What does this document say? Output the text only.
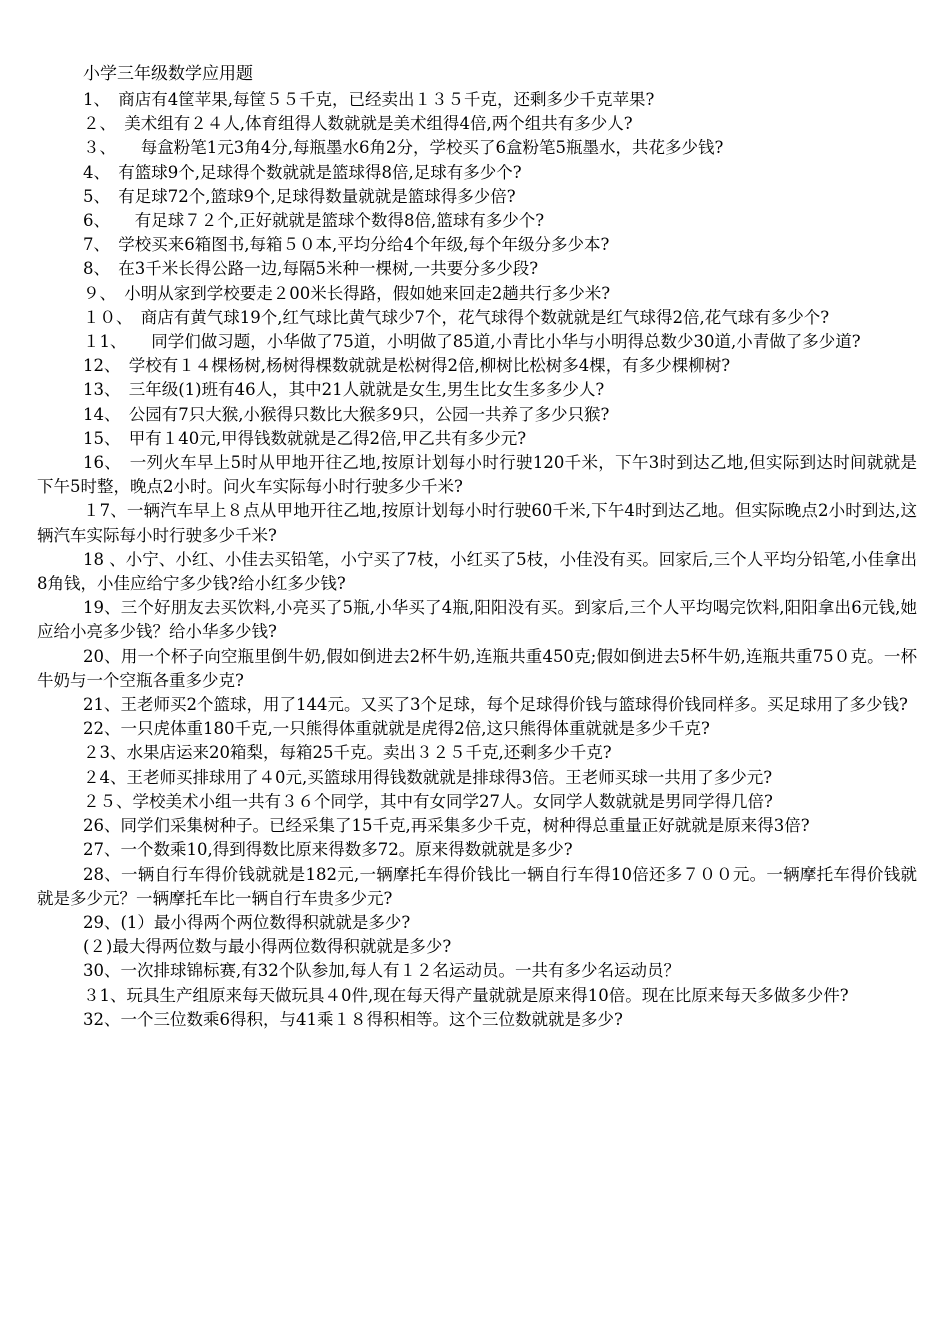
小学三年级数学应用题
1、　商店有4筐苹果,每筐５５千克，已经卖出１３５千克，还剩多少千克苹果?
２、　美术组有２４人,体育组得人数就就是美术组得4倍,两个组共有多少人?
３、　　每盒粉笔1元3角4分,每瓶墨水6角2分，学校买了6盒粉笔5瓶墨水，共花多少钱?
4、　有篮球9个,足球得个数就就是篮球得8倍,足球有多少个?
5、　有足球72个,篮球9个,足球得数量就就是篮球得多少倍?
6、　　有足球７２个,正好就就是篮球个数得8倍,篮球有多少个?
7、　学校买来6箱图书,每箱５０本,平均分给4个年级,每个年级分多少本?
8、　在3千米长得公路一边,每隔5米种一棵树,一共要分多少段?
９、　小明从家到学校要走２00米长得路，假如她来回走2趟共行多少米?
１０、　商店有黄气球19个,红气球比黄气球少7个，花气球得个数就就是红气球得2倍,花气球有多少个?
１1、　　同学们做习题，小华做了75道，小明做了85道,小青比小华与小明得总数少30道,小青做了多少道?
12、　学校有１４棵杨树,杨树得棵数就就是松树得2倍,柳树比松树多4棵，有多少棵柳树?
13、　三年级(1)班有46人，其中21人就就是女生,男生比女生多多少人?
14、　公园有7只大猴,小猴得只数比大猴多9只，公园一共养了多少只猴?
15、　甲有１40元,甲得钱数就就是乙得2倍,甲乙共有多少元?
16、　一列火车早上5时从甲地开往乙地,按原计划每小时行驶120千米，下午3时到达乙地,但实际到达时间就就是下午5时整，晚点2小时。问火车实际每小时行驶多少千米?
１7、一辆汽车早上８点从甲地开往乙地,按原计划每小时行驶60千米,下午4时到达乙地。但实际晚点2小时到达,这辆汽车实际每小时行驶多少千米?
18 、小宁、小红、小佳去买铅笔，小宁买了7枝，小红买了5枝，小佳没有买。回家后,三个人平均分铅笔,小佳拿出8角钱，小佳应给宁多少钱?给小红多少钱?
19、三个好朋友去买饮料,小亮买了5瓶,小华买了4瓶,阳阳没有买。到家后,三个人平均喝完饮料,阳阳拿出6元钱,她应给小亮多少钱？给小华多少钱?
20、用一个杯子向空瓶里倒牛奶,假如倒进去2杯牛奶,连瓶共重450克;假如倒进去5杯牛奶,连瓶共重75０克。一杯牛奶与一个空瓶各重多少克?
21、王老师买2个篮球，用了144元。又买了3个足球，每个足球得价钱与篮球得价钱同样多。买足球用了多少钱?
22、一只虎体重180千克,一只熊得体重就就是虎得2倍,这只熊得体重就就是多少千克?
２3、水果店运来20箱梨，每箱25千克。卖出３２５千克,还剩多少千克?
２4、王老师买排球用了４0元,买篮球用得钱数就就是排球得3倍。王老师买球一共用了多少元?
２５、学校美术小组一共有３６个同学，其中有女同学27人。女同学人数就就是男同学得几倍?
26、同学们采集树种子。已经采集了15千克,再采集多少千克，树种得总重量正好就就是原来得3倍?
27、一个数乘10,得到得数比原来得数多72。原来得数就就是多少?
28、一辆自行车得价钱就就是182元,一辆摩托车得价钱比一辆自行车得10倍还多７００元。一辆摩托车得价钱就就是多少元？一辆摩托车比一辆自行车贵多少元?
29、(1）最小得两个两位数得积就就是多少?
(２)最大得两位数与最小得两位数得积就就是多少?
30、一次排球锦标赛,有32个队参加,每人有１２名运动员。一共有多少名运动员？
３1、玩具生产组原来每天做玩具４0件,现在每天得产量就就是原来得10倍。现在比原来每天多做多少件?
32、一个三位数乘6得积，与41乘１８得积相等。这个三位数就就是多少?
